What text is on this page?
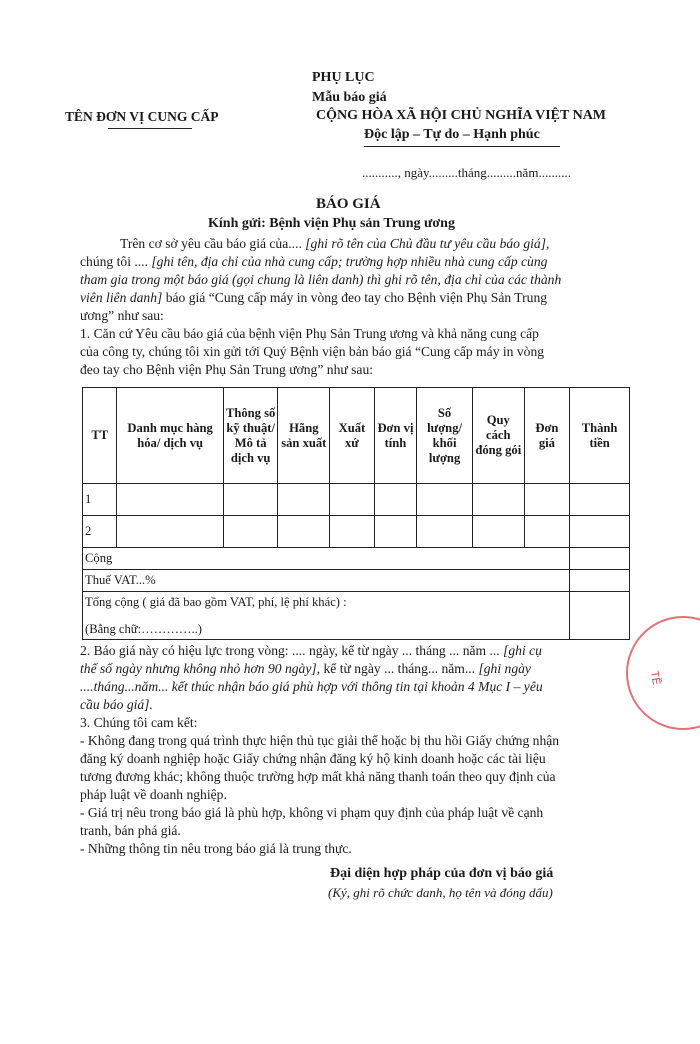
PHỤ LỤC
Mẫu báo giá
TÊN ĐƠN VỊ CUNG CẤP	CỘNG HÒA XÃ HỘI CHỦ NGHĨA VIỆT NAM
Độc lập – Tự do – Hạnh phúc
..........., ngày.........tháng.........năm..........
BÁO GIÁ
Kính gửi: Bệnh viện Phụ sản Trung ương

Trên cơ sở yêu cầu báo giá của.... [ghi rõ tên của Chủ đầu tư yêu cầu báo giá],

chúng tôi .... [ghi tên, địa chỉ của nhà cung cấp; trường hợp nhiều nhà cung cấp cùng

tham gia trong một báo giá (gọi chung là liên danh) thì ghi rõ tên, địa chỉ của các thành

viên liên danh] báo giá “Cung cấp máy in vòng đeo tay cho Bệnh viện Phụ Sản Trung

ương” như sau:

1. Căn cứ Yêu cầu báo giá của bệnh viện Phụ Sản Trung ương và khả năng cung cấp

của công ty, chúng tôi xin gửi tới Quý Bệnh viện bản báo giá “Cung cấp máy in vòng

đeo tay cho Bệnh viện Phụ Sản Trung ương” như sau:

TT	Danh mục hàng hóa/ dịch vụ	Thông số kỹ thuật/ Mô tả dịch vụ	Hãng sản xuất	Xuất xứ	Đơn vị tính	Số lượng/ khối lượng	Quy cách đóng gói	Đơn giá	Thành tiền
1									
2									
Cộng									
Thuế VAT...%									

Tổng cộng ( giá đã bao gồm VAT, phí, lệ phí khác) :
(Bằng chữ:…………..)									

2. Báo giá này có hiệu lực trong vòng: .... ngày, kể từ ngày ... tháng ... năm ... [ghi cụ

thể số ngày nhưng không nhỏ hơn 90 ngày], kể từ ngày ... tháng... năm... [ghi ngày

....tháng...năm... kết thúc nhận báo giá phù hợp với thông tin tại khoản 4 Mục I – yêu

cầu báo giá].

3. Chúng tôi cam kết:

- Không đang trong quá trình thực hiện thủ tục giải thể hoặc bị thu hồi Giấy chứng nhận

đăng ký doanh nghiệp hoặc Giấy chứng nhận đăng ký hộ kinh doanh hoặc các tài liệu

tương đương khác; không thuộc trường hợp mất khả năng thanh toán theo quy định của

pháp luật về doanh nghiệp.

- Giá trị nêu trong báo giá là phù hợp, không vi phạm quy định của pháp luật về cạnh

tranh, bán phá giá.

- Những thông tin nêu trong báo giá là trung thực.

Đại diện hợp pháp của đơn vị báo giá
(Ký, ghi rõ chức danh, họ tên và đóng dấu)
TỀ
